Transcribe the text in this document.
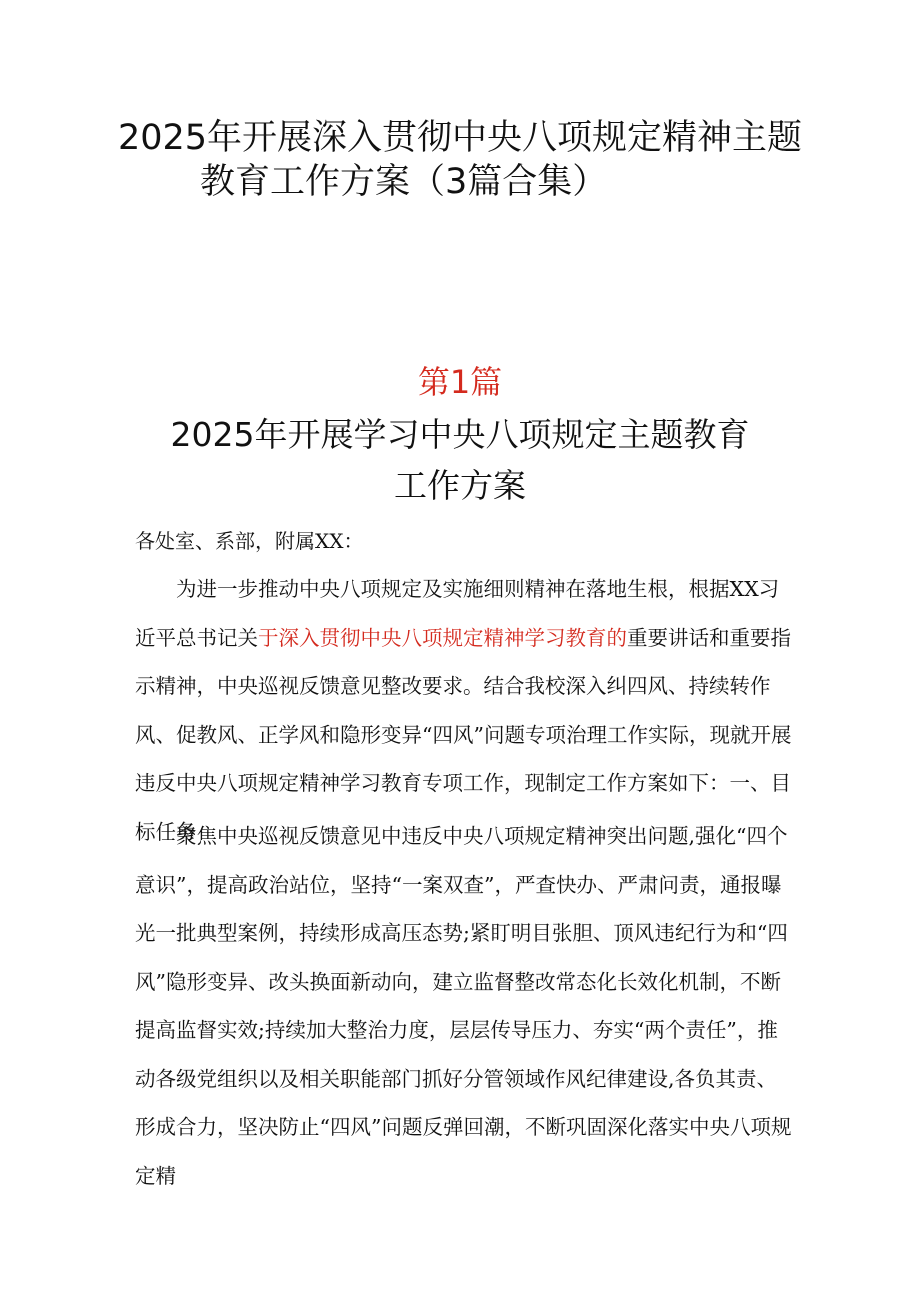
2025年开展深入贯彻中央八项规定精神主题
教育工作方案（3篇合集）
第1篇
2025年开展学习中央八项规定主题教育
工作方案
各处室、系部，附属XX：

为进一步推动中央八项规定及实施细则精神在落地生根，根据XX习近平总书记关于深入贯彻中央八项规定精神学习教育的重要讲话和重要指示精神，中央巡视反馈意见整改要求。结合我校深入纠四风、持续转作风、促教风、正学风和隐形变异“四风”问题专项治理工作实际，现就开展违反中央八项规定精神学习教育专项工作，现制定工作方案如下：一、目标任务

聚焦中央巡视反馈意见中违反中央八项规定精神突出问题,强化“四个意识”，提高政治站位，坚持“一案双查”，严查快办、严肃问责，通报曝光一批典型案例，持续形成高压态势;紧盯明目张胆、顶风违纪行为和“四风”隐形变异、改头换面新动向，建立监督整改常态化长效化机制，不断提高监督实效;持续加大整治力度，层层传导压力、夯实“两个责任”，推动各级党组织以及相关职能部门抓好分管领域作风纪律建设,各负其责、形成合力，坚决防止“四风”问题反弹回潮，不断巩固深化落实中央八项规定精
